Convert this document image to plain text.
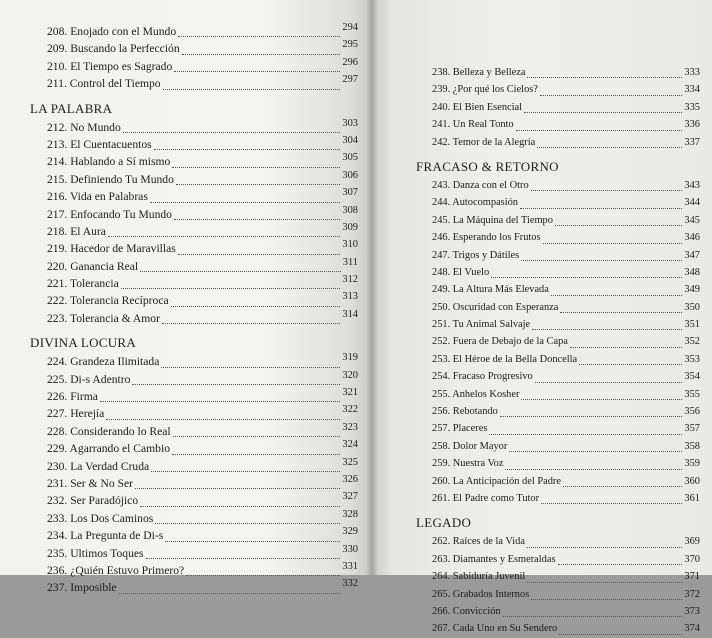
208. Enojado con el Mundo	294
209. Buscando la Perfección	295
210. El Tiempo es Sagrado	296
211. Control del Tiempo	297
LA PALABRA
212. No Mundo	303
213. El Cuentacuentos	304
214. Hablando a Sí mismo	305
215. Definiendo Tu Mundo	306
216. Vida en Palabras	307
217. Enfocando Tu Mundo	308
218. El Aura	309
219. Hacedor de Maravillas	310
220. Ganancia Real	311
221. Tolerancia	312
222. Tolerancia Recíproca	313
223. Tolerancia & Amor	314
DIVINA LOCURA
224. Grandeza Ilimitada	319
225. Di-s Adentro	320
226. Firma	321
227. Herejía	322
228. Considerando lo Real	323
229. Agarrando el Cambio	324
230. La Verdad Cruda	325
231. Ser & No Ser	326
232. Ser Paradójico	327
233. Los Dos Caminos	328
234. La Pregunta de Di-s	329
235. Ultimos Toques	330
236. ¿Quién Estuvo Primero?	331
237. Imposible	332
238. Belleza y Belleza	333
239. ¿Por qué los Cielos?	334
240. El Bien Esencial	335
241. Un Real Tonto	336
242. Temor de la Alegría	337
FRACASO & RETORNO
243. Danza con el Otro	343
244. Autocompasión	344
245. La Máquina del Tiempo	345
246. Esperando los Frutos	346
247. Trigos y Dátiles	347
248. El Vuelo	348
249. La Altura Más Elevada	349
250. Oscuridad con Esperanza	350
251. Tu Animal Salvaje	351
252. Fuera de Debajo de la Capa	352
253. El Héroe de la Bella Doncella	353
254. Fracaso Progresivo	354
255. Anhelos Kosher	355
256. Rebotando	356
257. Placeres	357
258. Dolor Mayor	358
259. Nuestra Voz	359
260. La Anticipación del Padre	360
261. El Padre como Tutor	361
LEGADO
262. Raíces de la Vida	369
263. Diamantes y Esmeraldas	370
264. Sabiduría Juvenil	371
265. Grabados Internos	372
266. Convicción	373
267. Cada Uno en Su Sendero	374
